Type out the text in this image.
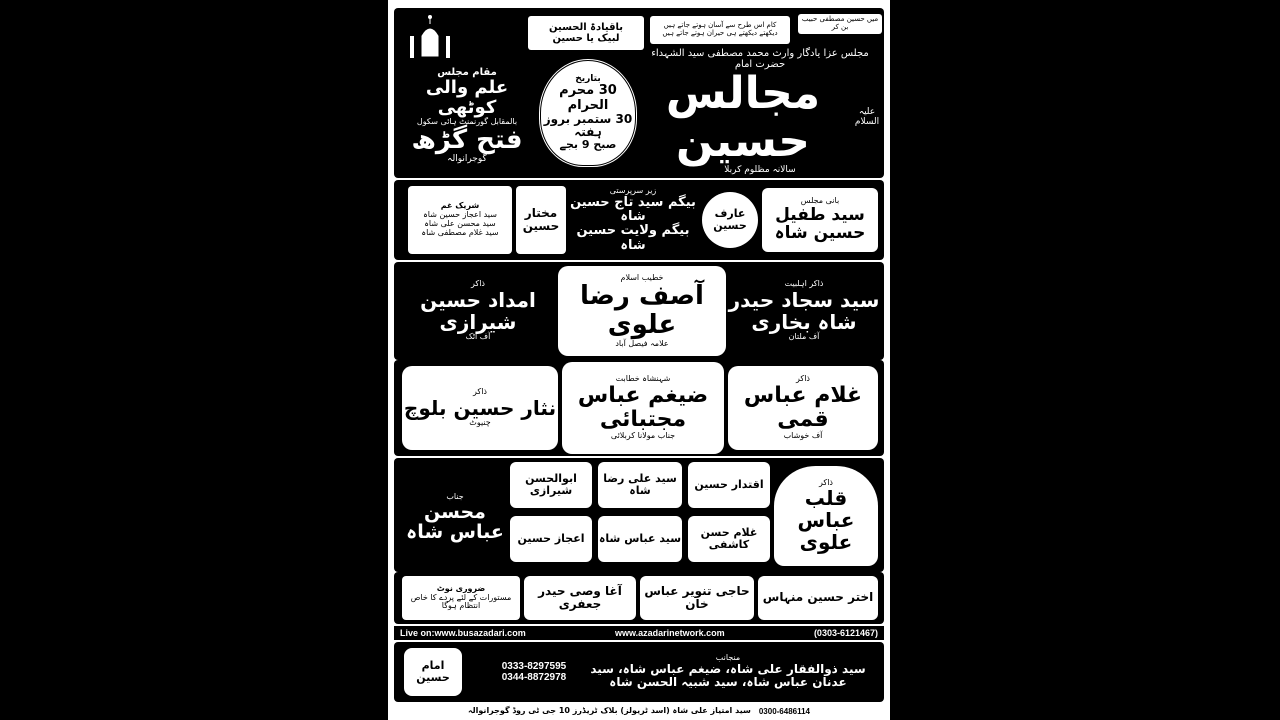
کام اس طرح سے آسان ہوتے جاتے ہیں
دیکھتے دیکھتے ہی حیران ہوتے جاتے ہیں
میں حسین مصطفی حبیب بن کر
باقیادۃ الحسین
لبیک یا حسین
مجلس عزا یادگار وارث محمد مصطفی سید الشہداء حضرت امام
مجالس حسین
علیہ السلام
سالانہ مظلوم کربلا
بتاریخ
30 محرم الحرام
30 ستمبر بروز ہفتہ
صبح 9 بجے
مقام مجلس
علم والی کوٹھی
بالمقابل گورنمنٹ ہائی سکول
فتح گڑھ
گوجرانوالہ
شریک غم
سید اعجاز حسین شاہ
سید محسن علی شاہ
سید غلام مصطفی شاہ
مختار حسین
زیر سرپرستی
بیگم سید تاج حسین شاہ
بیگم ولایت حسین شاہ
عارف حسین
بانی مجلس
سید طفیل حسین شاہ
ذاکر اہلبیت
سید سجاد حیدر شاہ بخاری
آف ملتان
خطیب اسلام
آصف رضا علوی
علامہ فیصل آباد
ذاکر
امداد حسین شیرازی
آف اٹک
ذاکر
غلام عباس قمی
آف خوشاب
شہنشاہ خطابت
ضیغم عباس مجتبائی
جناب مولانا کربلائی
ذاکر
نثار حسین بلوچ
چنیوٹ
جناب
محسن عباس شاہ
ابوالحسن شیرازی
سید علی رضا شاہ	اقتدار حسین
اعجاز حسین سید عباس شاہ	غلام حسن کاشفی
ذاکر
قلب عباس علوی
ضروری نوٹ
مستورات کے لئے پردے کا خاص انتظام ہوگا
آغا وصی حیدر جعفری
حاجی تنویر عباس خان	اختر حسین منہاس
Live on:www.busazadari.com	www.azadarinetwork.com	(0303-6121467)
0333-8297595
0344-8872978
منجانب
سید ذوالفقار علی شاہ، ضیغم عباس شاہ، سید عدنان عباس شاہ، سید شبیہ الحسن شاہ
امام حسین
سید امتیاز علی شاہ (اسد ٹریولز) بلاک ٹریڈرز 10 جی ٹی روڈ گوجرانوالہ 0300-6486114
